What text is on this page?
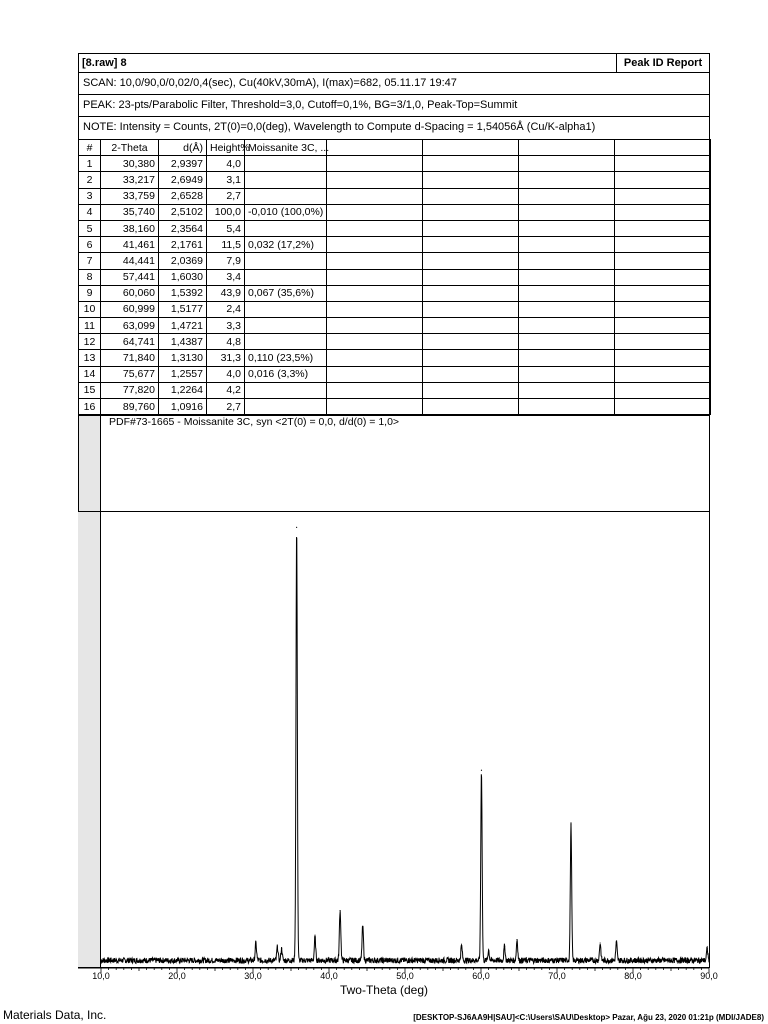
[8.raw] 8	Peak ID Report
SCAN: 10,0/90,0/0,02/0,4(sec), Cu(40kV,30mA), I(max)=682, 05.11.17 19:47
PEAK: 23-pts/Parabolic Filter, Threshold=3,0, Cutoff=0,1%, BG=3/1,0, Peak-Top=Summit
NOTE: Intensity = Counts, 2T(0)=0,0(deg), Wavelength to Compute d-Spacing = 1,54056Å (Cu/K-alpha1)
#	2-Theta	d(Å)	Height%	Moissanite 3C, ...				
1	30,380	2,9397	4,0					
2	33,217	2,6949	3,1					
3	33,759	2,6528	2,7					
4	35,740	2,5102	100,0	-0,010 (100,0%)				
5	38,160	2,3564	5,4					
6	41,461	2,1761	11,5	0,032 (17,2%)				
7	44,441	2,0369	7,9					
8	57,441	1,6030	3,4					
9	60,060	1,5392	43,9	0,067 (35,6%)				
10	60,999	1,5177	2,4					
11	63,099	1,4721	3,3					
12	64,741	1,4387	4,8					
13	71,840	1,3130	31,3	0,110 (23,5%)				
14	75,677	1,2557	4,0	0,016 (3,3%)				
15	77,820	1,2264	4,2					
16	89,760	1,0916	2,7					
PDF#73-1665 - Moissanite 3C, syn <2T(0) = 0,0, d/d(0) = 1,0>
10,0	20,0	30,0	40,0	50,0	60,0	70,0	80,0	90,0
Two-Theta (deg)
Materials Data, Inc.	[DESKTOP-SJ6AA9H|SAU]<C:\Users\SAU\Desktop> Pazar, Ağu 23, 2020 01:21p (MDI/JADE8)
